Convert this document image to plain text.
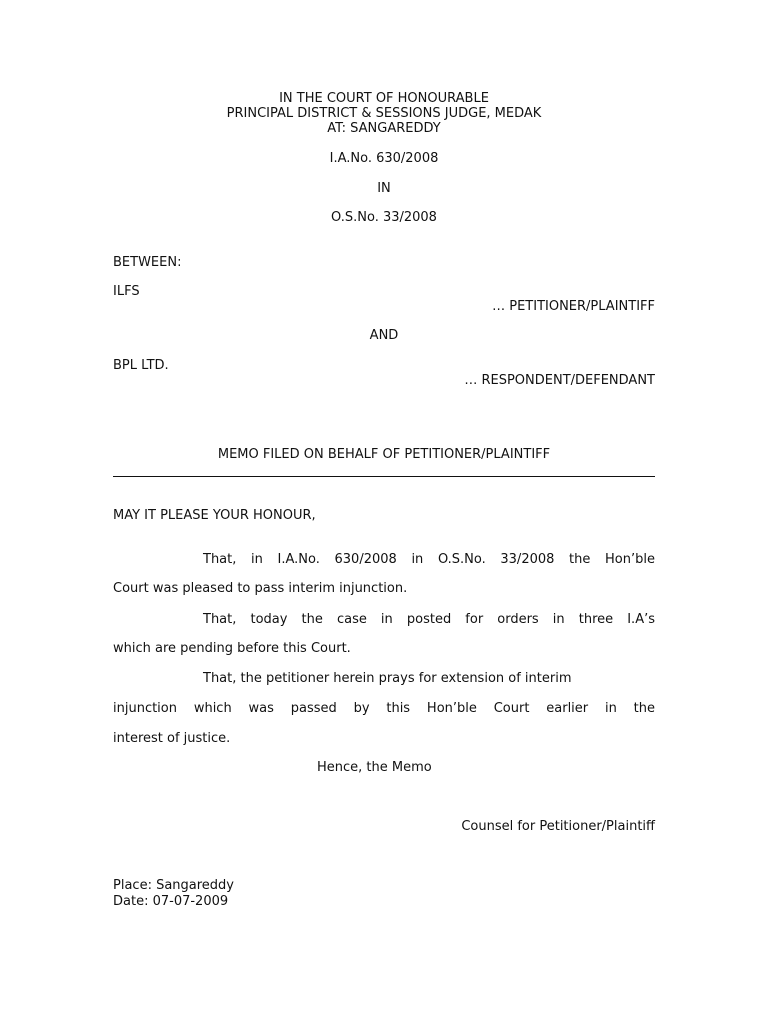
IN THE COURT OF HONOURABLE
PRINCIPAL DISTRICT & SESSIONS JUDGE, MEDAK
AT: SANGAREDDY
I.A.No. 630/2008
IN
O.S.No. 33/2008
BETWEEN:
ILFS
… PETITIONER/PLAINTIFF
AND
BPL LTD.
… RESPONDENT/DEFENDANT
MEMO FILED ON BEHALF OF PETITIONER/PLAINTIFF
MAY IT PLEASE YOUR HONOUR,
That, in I.A.No. 630/2008 in O.S.No. 33/2008 the Hon’ble
Court was pleased to pass interim injunction.
That, today the case in posted for orders in three I.A’s
which are pending before this Court.
That, the petitioner herein prays for extension of interim
injunction which was passed by this Hon’ble Court earlier in the
interest of justice.
Hence, the Memo
Counsel for Petitioner/Plaintiff
Place: Sangareddy
Date: 07-07-2009
